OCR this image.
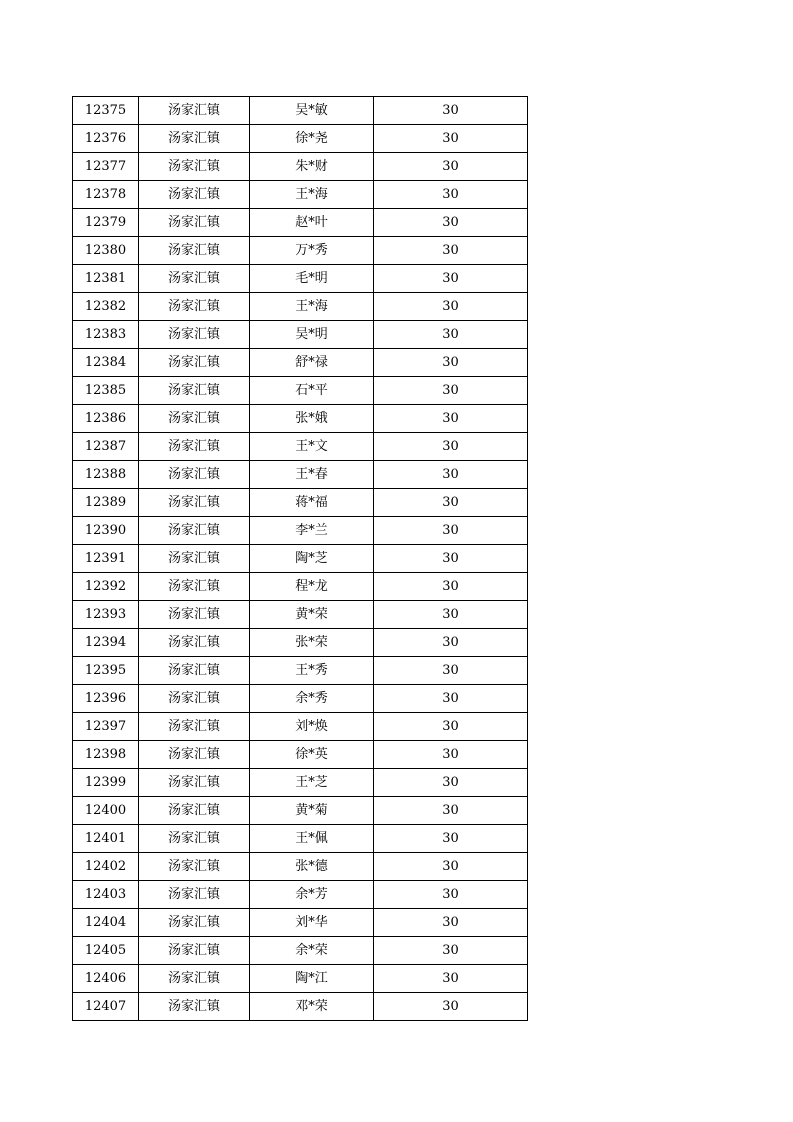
12375	汤家汇镇	吴*敏	30
12376	汤家汇镇	徐*尧	30
12377	汤家汇镇	朱*财	30
12378	汤家汇镇	王*海	30
12379	汤家汇镇	赵*叶	30
12380	汤家汇镇	万*秀	30
12381	汤家汇镇	毛*明	30
12382	汤家汇镇	王*海	30
12383	汤家汇镇	吴*明	30
12384	汤家汇镇	舒*禄	30
12385	汤家汇镇	石*平	30
12386	汤家汇镇	张*娥	30
12387	汤家汇镇	王*文	30
12388	汤家汇镇	王*春	30
12389	汤家汇镇	蒋*福	30
12390	汤家汇镇	李*兰	30
12391	汤家汇镇	陶*芝	30
12392	汤家汇镇	程*龙	30
12393	汤家汇镇	黄*荣	30
12394	汤家汇镇	张*荣	30
12395	汤家汇镇	王*秀	30
12396	汤家汇镇	余*秀	30
12397	汤家汇镇	刘*焕	30
12398	汤家汇镇	徐*英	30
12399	汤家汇镇	王*芝	30
12400	汤家汇镇	黄*菊	30
12401	汤家汇镇	王*佩	30
12402	汤家汇镇	张*德	30
12403	汤家汇镇	余*芳	30
12404	汤家汇镇	刘*华	30
12405	汤家汇镇	余*荣	30
12406	汤家汇镇	陶*江	30
12407	汤家汇镇	邓*荣	30
